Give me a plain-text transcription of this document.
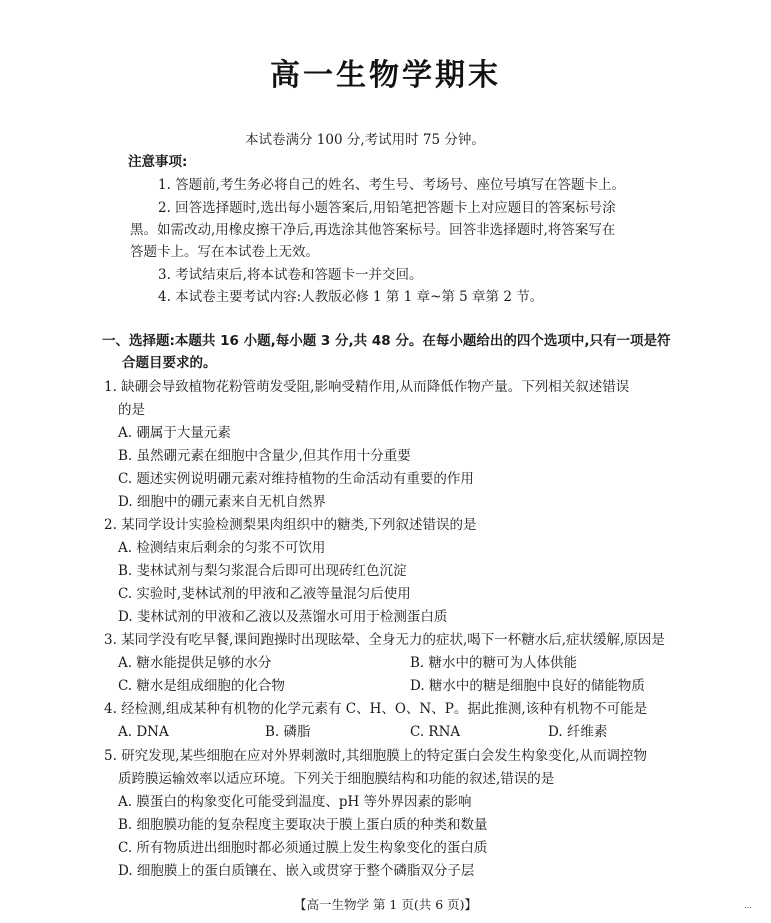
高一生物学期末
本试卷满分 100 分,考试用时 75 分钟。
注意事项:
1. 答题前,考生务必将自己的姓名、考生号、考场号、座位号填写在答题卡上。
2. 回答选择题时,选出每小题答案后,用铅笔把答题卡上对应题目的答案标号涂
黑。如需改动,用橡皮擦干净后,再选涂其他答案标号。回答非选择题时,将答案写在
答题卡上。写在本试卷上无效。
3. 考试结束后,将本试卷和答题卡一并交回。
4. 本试卷主要考试内容:人教版必修 1 第 1 章~第 5 章第 2 节。
一、选择题:本题共 16 小题,每小题 3 分,共 48 分。在每小题给出的四个选项中,只有一项是符
合题目要求的。
1. 缺硼会导致植物花粉管萌发受阻,影响受精作用,从而降低作物产量。下列相关叙述错误
的是
A. 硼属于大量元素
B. 虽然硼元素在细胞中含量少,但其作用十分重要
C. 题述实例说明硼元素对维持植物的生命活动有重要的作用
D. 细胞中的硼元素来自无机自然界
2. 某同学设计实验检测梨果肉组织中的糖类,下列叙述错误的是
A. 检测结束后剩余的匀浆不可饮用
B. 斐林试剂与梨匀浆混合后即可出现砖红色沉淀
C. 实验时,斐林试剂的甲液和乙液等量混匀后使用
D. 斐林试剂的甲液和乙液以及蒸馏水可用于检测蛋白质
3. 某同学没有吃早餐,课间跑操时出现眩晕、全身无力的症状,喝下一杯糖水后,症状缓解,原因是
A. 糖水能提供足够的水分	B. 糖水中的糖可为人体供能
C. 糖水是组成细胞的化合物	D. 糖水中的糖是细胞中良好的储能物质
4. 经检测,组成某种有机物的化学元素有 C、H、O、N、P。据此推测,该种有机物不可能是
A. DNA	B. 磷脂	C. RNA	D. 纤维素
5. 研究发现,某些细胞在应对外界刺激时,其细胞膜上的特定蛋白会发生构象变化,从而调控物
质跨膜运输效率以适应环境。下列关于细胞膜结构和功能的叙述,错误的是
A. 膜蛋白的构象变化可能受到温度、pH 等外界因素的影响
B. 细胞膜功能的复杂程度主要取决于膜上蛋白质的种类和数量
C. 所有物质进出细胞时都必须通过膜上发生构象变化的蛋白质
D. 细胞膜上的蛋白质镶在、嵌入或贯穿于整个磷脂双分子层
【高一生物学 第 1 页(共 6 页)】	...
